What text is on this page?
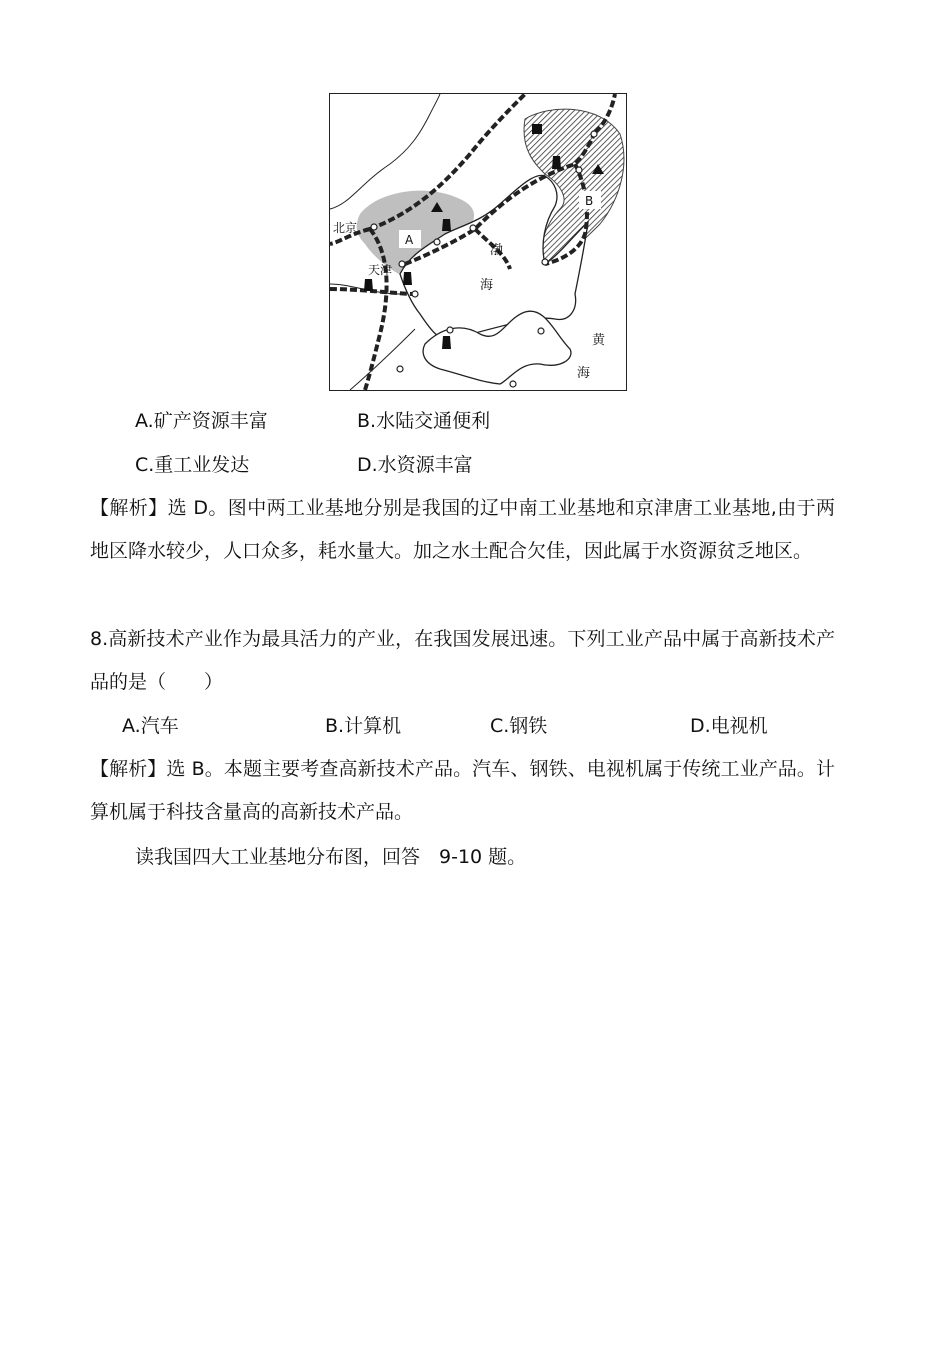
北京
天津
A
B
渤
海
黄
海
A.矿产资源丰富	B.水陆交通便利
C.重工业发达	D.水资源丰富
【解析】选 D。图中两工业基地分别是我国的辽中南工业基地和京津唐工业基地,由于两地区降水较少，人口众多，耗水量大。加之水土配合欠佳，因此属于水资源贫乏地区。
8.高新技术产业作为最具活力的产业，在我国发展迅速。下列工业产品中属于高新技术产品的是（　　）
A.汽车	B.计算机	C.钢铁	D.电视机
【解析】选 B。本题主要考查高新技术产品。汽车、钢铁、电视机属于传统工业产品。计算机属于科技含量高的高新技术产品。
读我国四大工业基地分布图，回答　9-10 题。
